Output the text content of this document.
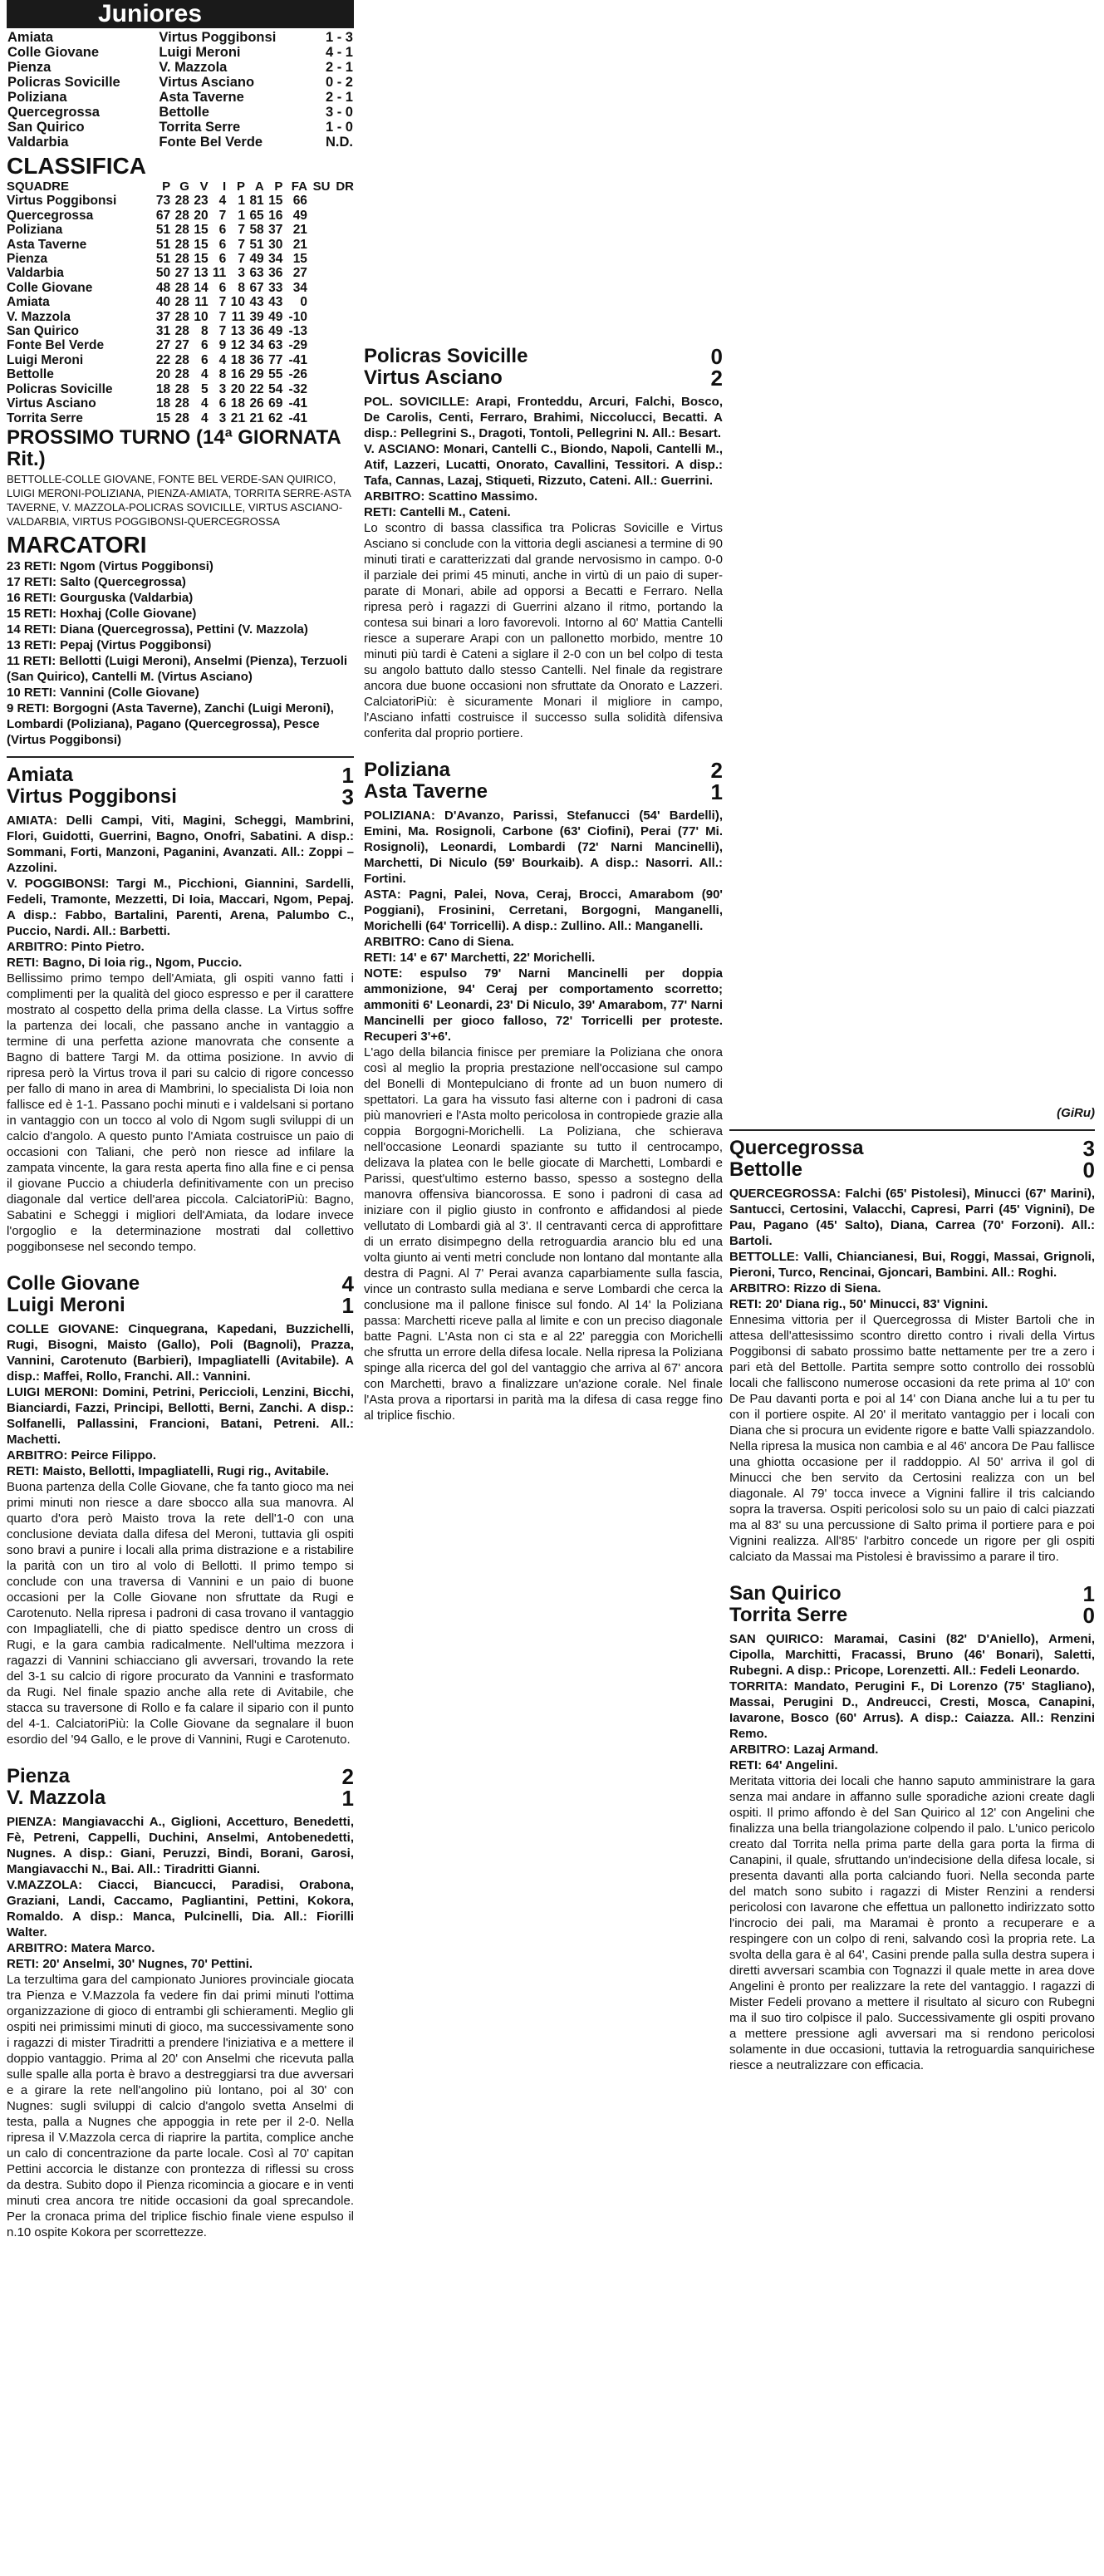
Juniores
Amiata	Virtus Poggibonsi	1 - 3
Colle Giovane	Luigi Meroni	4 - 1
Pienza	V. Mazzola	2 - 1
Policras Sovicille	Virtus Asciano	0 - 2
Poliziana	Asta Taverne	2 - 1
Quercegrossa	Bettolle	3 - 0
San Quirico	Torrita Serre	1 - 0
Valdarbia	Fonte Bel Verde	N.D.
CLASSIFICA
SQUADRE	P	G	V	I	P	A	P	FA	SU	DR
Virtus Poggibonsi	73	28	23	4	1	81	15	66		
Quercegrossa	67	28	20	7	1	65	16	49		
Poliziana	51	28	15	6	7	58	37	21		
Asta Taverne	51	28	15	6	7	51	30	21		
Pienza	51	28	15	6	7	49	34	15		
Valdarbia	50	27	13	11	3	63	36	27		
Colle Giovane	48	28	14	6	8	67	33	34		
Amiata	40	28	11	7	10	43	43	0		
V. Mazzola	37	28	10	7	11	39	49	-10		
San Quirico	31	28	8	7	13	36	49	-13		
Fonte Bel Verde	27	27	6	9	12	34	63	-29		
Luigi Meroni	22	28	6	4	18	36	77	-41		
Bettolle	20	28	4	8	16	29	55	-26		
Policras Sovicille	18	28	5	3	20	22	54	-32		
Virtus Asciano	18	28	4	6	18	26	69	-41		
Torrita Serre	15	28	4	3	21	21	62	-41		
PROSSIMO TURNO (14ª GIORNATA Rit.)
BETTOLLE-COLLE GIOVANE, FONTE BEL VERDE-SAN QUIRICO, LUIGI MERONI-POLIZIANA, PIENZA-AMIATA, TORRITA SERRE-ASTA TAVERNE, V. MAZZOLA-POLICRAS SOVICILLE, VIRTUS ASCIANO-VALDARBIA, VIRTUS POGGIBONSI-QUERCEGROSSA
MARCATORI
23 RETI: Ngom (Virtus Poggibonsi)
17 RETI: Salto (Quercegrossa)
16 RETI: Gourguska (Valdarbia)
15 RETI: Hoxhaj (Colle Giovane)
14 RETI: Diana (Quercegrossa), Pettini (V. Mazzola)
13 RETI: Pepaj (Virtus Poggibonsi)
11 RETI: Bellotti (Luigi Meroni), Anselmi (Pienza), Terzuoli (San Quirico), Cantelli M. (Virtus Asciano)
10 RETI: Vannini (Colle Giovane)
9 RETI: Borgogni (Asta Taverne), Zanchi (Luigi Meroni), Lombardi (Poliziana), Pagano (Quercegrossa), Pesce (Virtus Poggibonsi)
Amiata	1
Virtus Poggibonsi	3
AMIATA: Delli Campi, Viti, Magini, Scheggi, Mambrini, Flori, Guidotti, Guerrini, Bagno, Onofri, Sabatini. A disp.: Sommani, Forti, Manzoni, Paganini, Avanzati. All.: Zoppi – Azzolini.
V. POGGIBONSI: Targi M., Picchioni, Giannini, Sardelli, Fedeli, Tramonte, Mezzetti, Di Ioia, Maccari, Ngom, Pepaj. A disp.: Fabbo, Bartalini, Parenti, Arena, Palumbo C., Puccio, Nardi. All.: Barbetti.
ARBITRO: Pinto Pietro.
RETI: Bagno, Di Ioia rig., Ngom, Puccio.
Bellissimo primo tempo dell'Amiata, gli ospiti vanno fatti i complimenti per la qualità del gioco espresso e per il carattere mostrato al cospetto della prima della classe. La Virtus soffre la partenza dei locali, che passano anche in vantaggio a termine di una perfetta azione manovrata che consente a Bagno di battere Targi M. da ottima posizione. In avvio di ripresa però la Virtus trova il pari su calcio di rigore concesso per fallo di mano in area di Mambrini, lo specialista Di Ioia non fallisce ed è 1-1. Passano pochi minuti e i valdelsani si portano in vantaggio con un tocco al volo di Ngom sugli sviluppi di un calcio d'angolo. A questo punto l'Amiata costruisce un paio di occasioni con Taliani, che però non riesce ad infilare la zampata vincente, la gara resta aperta fino alla fine e ci pensa il giovane Puccio a chiuderla definitivamente con un preciso diagonale dal vertice dell'area piccola. CalciatoriPiù: Bagno, Sabatini e Scheggi i migliori dell'Amiata, da lodare invece l'orgoglio e la determinazione mostrati dal collettivo poggibonsese nel secondo tempo.
Colle Giovane	4
Luigi Meroni	1
COLLE GIOVANE: Cinquegrana, Kapedani, Buzzichelli, Rugi, Bisogni, Maisto (Gallo), Poli (Bagnoli), Prazza, Vannini, Carotenuto (Barbieri), Impagliatelli (Avitabile). A disp.: Maffei, Rollo, Franchi. All.: Vannini.
LUIGI MERONI: Domini, Petrini, Periccioli, Lenzini, Bicchi, Bianciardi, Fazzi, Principi, Bellotti, Berni, Zanchi. A disp.: Solfanelli, Pallassini, Francioni, Batani, Petreni. All.: Machetti.
ARBITRO: Peirce Filippo.
RETI: Maisto, Bellotti, Impagliatelli, Rugi rig., Avitabile.
Buona partenza della Colle Giovane, che fa tanto gioco ma nei primi minuti non riesce a dare sbocco alla sua manovra. Al quarto d'ora però Maisto trova la rete dell'1-0 con una conclusione deviata dalla difesa del Meroni, tuttavia gli ospiti sono bravi a punire i locali alla prima distrazione e a ristabilire la parità con un tiro al volo di Bellotti. Il primo tempo si conclude con una traversa di Vannini e un paio di buone occasioni per la Colle Giovane non sfruttate da Rugi e Carotenuto. Nella ripresa i padroni di casa trovano il vantaggio con Impagliatelli, che di piatto spedisce dentro un cross di Rugi, e la gara cambia radicalmente. Nell'ultima mezzora i ragazzi di Vannini schiacciano gli avversari, trovando la rete del 3-1 su calcio di rigore procurato da Vannini e trasformato da Rugi. Nel finale spazio anche alla rete di Avitabile, che stacca su traversone di Rollo e fa calare il sipario con il punto del 4-1. CalciatoriPiù: la Colle Giovane da segnalare il buon esordio del '94 Gallo, e le prove di Vannini, Rugi e Carotenuto.
Pienza	2
V. Mazzola	1
PIENZA: Mangiavacchi A., Giglioni, Accetturo, Benedetti, Fè, Petreni, Cappelli, Duchini, Anselmi, Antobenedetti, Nugnes. A disp.: Giani, Peruzzi, Bindi, Borani, Garosi, Mangiavacchi N., Bai. All.: Tiradritti Gianni.
V.MAZZOLA: Ciacci, Biancucci, Paradisi, Orabona, Graziani, Landi, Caccamo, Pagliantini, Pettini, Kokora, Romaldo. A disp.: Manca, Pulcinelli, Dia. All.: Fiorilli Walter.
ARBITRO: Matera Marco.
RETI: 20' Anselmi, 30' Nugnes, 70' Pettini.
La terzultima gara del campionato Juniores provinciale giocata tra Pienza e V.Mazzola fa vedere fin dai primi minuti l'ottima organizzazione di gioco di entrambi gli schieramenti. Meglio gli ospiti nei primissimi minuti di gioco, ma successivamente sono i ragazzi di mister Tiradritti a prendere l'iniziativa e a mettere il doppio vantaggio. Prima al 20' con Anselmi che ricevuta palla sulle spalle alla porta è bravo a destreggiarsi tra due avversari e a girare la rete nell'angolino più lontano, poi al 30' con Nugnes: sugli sviluppi di calcio d'angolo svetta Anselmi di testa, palla a Nugnes che appoggia in rete per il 2-0. Nella ripresa il V.Mazzola cerca di riaprire la partita, complice anche un calo di concentrazione da parte locale. Così al 70' capitan Pettini accorcia le distanze con prontezza di riflessi su cross da destra. Subito dopo il Pienza ricomincia a giocare e in venti minuti crea ancora tre nitide occasioni da goal sprecandole. Per la cronaca prima del triplice fischio finale viene espulso il n.10 ospite Kokora per scorrettezze.
Policras Sovicille	0
Virtus Asciano	2
POL. SOVICILLE: Arapi, Fronteddu, Arcuri, Falchi, Bosco, De Carolis, Centi, Ferraro, Brahimi, Niccolucci, Becatti. A disp.: Pellegrini S., Dragoti, Tontoli, Pellegrini N. All.: Besart.
V. ASCIANO: Monari, Cantelli C., Biondo, Napoli, Cantelli M., Atif, Lazzeri, Lucatti, Onorato, Cavallini, Tessitori. A disp.: Tafa, Cannas, Lazaj, Stiqueti, Rizzuto, Cateni. All.: Guerrini.
ARBITRO: Scattino Massimo.
RETI: Cantelli M., Cateni.
Lo scontro di bassa classifica tra Policras Sovicille e Virtus Asciano si conclude con la vittoria degli ascianesi a termine di 90 minuti tirati e caratterizzati dal grande nervosismo in campo. 0-0 il parziale dei primi 45 minuti, anche in virtù di un paio di super-parate di Monari, abile ad opporsi a Becatti e Ferraro. Nella ripresa però i ragazzi di Guerrini alzano il ritmo, portando la contesa sui binari a loro favorevoli. Intorno al 60' Mattia Cantelli riesce a superare Arapi con un pallonetto morbido, mentre 10 minuti più tardi è Cateni a siglare il 2-0 con un bel colpo di testa su angolo battuto dallo stesso Cantelli. Nel finale da registrare ancora due buone occasioni non sfruttate da Onorato e Lazzeri. CalciatoriPiù: è sicuramente Monari il migliore in campo, l'Asciano infatti costruisce il successo sulla solidità difensiva conferita dal proprio portiere.
Poliziana	2
Asta Taverne	1
POLIZIANA: D'Avanzo, Parissi, Stefanucci (54' Bardelli), Emini, Ma. Rosignoli, Carbone (63' Ciofini), Perai (77' Mi. Rosignoli), Leonardi, Lombardi (72' Narni Mancinelli), Marchetti, Di Niculo (59' Bourkaib). A disp.: Nasorri. All.: Fortini.
ASTA: Pagni, Palei, Nova, Ceraj, Brocci, Amarabom (90' Poggiani), Frosinini, Cerretani, Borgogni, Manganelli, Morichelli (64' Torricelli). A disp.: Zullino. All.: Manganelli.
ARBITRO: Cano di Siena.
RETI: 14' e 67' Marchetti, 22' Morichelli.
NOTE: espulso 79' Narni Mancinelli per doppia ammonizione, 94' Ceraj per comportamento scorretto; ammoniti 6' Leonardi, 23' Di Niculo, 39' Amarabom, 77' Narni Mancinelli per gioco falloso, 72' Torricelli per proteste. Recuperi 3'+6'.
L'ago della bilancia finisce per premiare la Poliziana che onora così al meglio la propria prestazione nell'occasione sul campo del Bonelli di Montepulciano di fronte ad un buon numero di spettatori. La gara ha vissuto fasi alterne con i padroni di casa più manovrieri e l'Asta molto pericolosa in contropiede grazie alla coppia Borgogni-Morichelli. La Poliziana, che schierava nell'occasione Leonardi spaziante su tutto il centrocampo, delizava la platea con le belle giocate di Marchetti, Lombardi e Parissi, quest'ultimo esterno basso, spesso a sostegno della manovra offensiva biancorossa. E sono i padroni di casa ad iniziare con il piglio giusto in confronto e affidandosi al piede vellutato di Lombardi già al 3'. Il centravanti cerca di approfittare di un errato disimpegno della retroguardia arancio blu ed una volta giunto ai venti metri conclude non lontano dal montante alla destra di Pagni. Al 7' Perai avanza caparbiamente sulla fascia, vince un contrasto sulla mediana e serve Lombardi che cerca la conclusione ma il pallone finisce sul fondo. Al 14' la Poliziana passa: Marchetti riceve palla al limite e con un preciso diagonale batte Pagni. L'Asta non ci sta e al 22' pareggia con Morichelli che sfrutta un errore della difesa locale. Nella ripresa la Poliziana spinge alla ricerca del gol del vantaggio che arriva al 67' ancora con Marchetti, bravo a finalizzare un'azione corale. Nel finale l'Asta prova a riportarsi in parità ma la difesa di casa regge fino al triplice fischio.
(GiRu)
Quercegrossa	3
Bettolle	0
QUERCEGROSSA: Falchi (65' Pistolesi), Minucci (67' Marini), Santucci, Certosini, Valacchi, Capresi, Parri (45' Vignini), De Pau, Pagano (45' Salto), Diana, Carrea (70' Forzoni). All.: Bartoli.
BETTOLLE: Valli, Chiancianesi, Bui, Roggi, Massai, Grignoli, Pieroni, Turco, Rencinai, Gjoncari, Bambini. All.: Roghi.
ARBITRO: Rizzo di Siena.
RETI: 20' Diana rig., 50' Minucci, 83' Vignini.
Ennesima vittoria per il Quercegrossa di Mister Bartoli che in attesa dell'attesissimo scontro diretto contro i rivali della Virtus Poggibonsi di sabato prossimo batte nettamente per tre a zero i pari età del Bettolle. Partita sempre sotto controllo dei rossoblù locali che falliscono numerose occasioni da rete prima al 10' con De Pau davanti porta e poi al 14' con Diana anche lui a tu per tu con il portiere ospite. Al 20' il meritato vantaggio per i locali con Diana che si procura un evidente rigore e batte Valli spiazzandolo. Nella ripresa la musica non cambia e al 46' ancora De Pau fallisce una ghiotta occasione per il raddoppio. Al 50' arriva il gol di Minucci che ben servito da Certosini realizza con un bel diagonale. Al 79' tocca invece a Vignini fallire il tris calciando sopra la traversa. Ospiti pericolosi solo su un paio di calci piazzati ma al 83' su una percussione di Salto prima il portiere para e poi Vignini realizza. All'85' l'arbitro concede un rigore per gli ospiti calciato da Massai ma Pistolesi è bravissimo a parare il tiro.
San Quirico	1
Torrita Serre	0
SAN QUIRICO: Maramai, Casini (82' D'Aniello), Armeni, Cipolla, Marchitti, Fracassi, Bruno (46' Bonari), Saletti, Rubegni. A disp.: Pricope, Lorenzetti. All.: Fedeli Leonardo.
TORRITA: Mandato, Perugini F., Di Lorenzo (75' Stagliano), Massai, Perugini D., Andreucci, Cresti, Mosca, Canapini, Iavarone, Bosco (60' Arrus). A disp.: Caiazza. All.: Renzini Remo.
ARBITRO: Lazaj Armand.
RETI: 64' Angelini.
Meritata vittoria dei locali che hanno saputo amministrare la gara senza mai andare in affanno sulle sporadiche azioni create dagli ospiti. Il primo affondo è del San Quirico al 12' con Angelini che finalizza una bella triangolazione colpendo il palo. L'unico pericolo creato dal Torrita nella prima parte della gara porta la firma di Canapini, il quale, sfruttando un'indecisione della difesa locale, si presenta davanti alla porta calciando fuori. Nella seconda parte del match sono subito i ragazzi di Mister Renzini a rendersi pericolosi con Iavarone che effettua un pallonetto indirizzato sotto l'incrocio dei pali, ma Maramai è pronto a recuperare e a respingere con un colpo di reni, salvando così la propria rete. La svolta della gara è al 64', Casini prende palla sulla destra supera i diretti avversari scambia con Tognazzi il quale mette in area dove Angelini è pronto per realizzare la rete del vantaggio. I ragazzi di Mister Fedeli provano a mettere il risultato al sicuro con Rubegni ma il suo tiro colpisce il palo. Successivamente gli ospiti provano a mettere pressione agli avversari ma si rendono pericolosi solamente in due occasioni, tuttavia la retroguardia sanquirichese riesce a neutralizzare con efficacia.
